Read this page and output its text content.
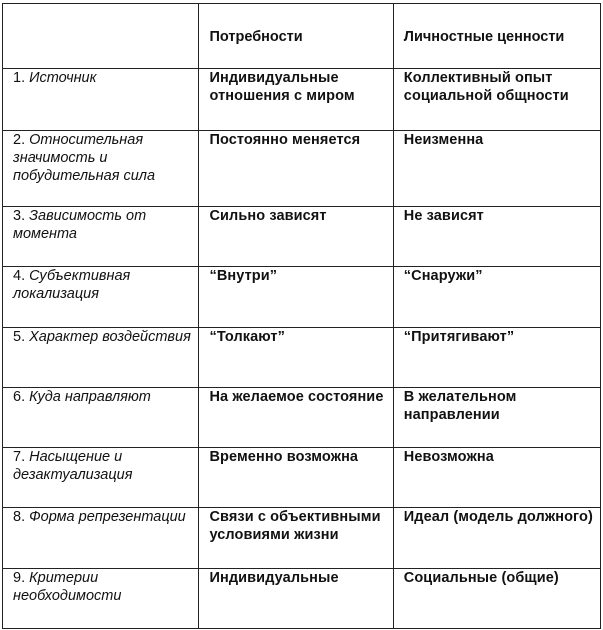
	Потребности	Личностные ценности
1. Источник	Индивидуальные отношения с миром	Коллективный опыт социальной общности
2. Относительная значимость и побудительная сила	Постоянно меняется	Неизменна
3. Зависимость от момента	Сильно зависят	Не зависят
4. Субъективная локализация	“Внутри”	“Снаружи”
5. Характер воздействия	“Толкают”	“Притягивают”
6. Куда направляют	На желаемое состояние	В желательном направлении
7. Насыщение и дезактуализация	Временно возможна	Невозможна
8. Форма репрезентации	Связи с объективными условиями жизни	Идеал (модель должного)
9. Критерии необходимости	Индивидуальные	Социальные (общие)
